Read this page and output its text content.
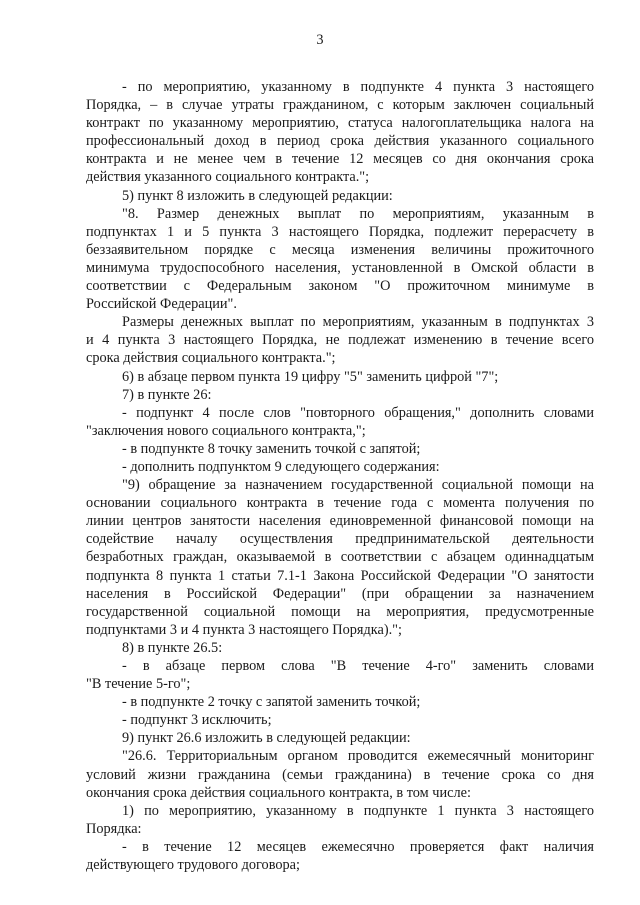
3
- по мероприятию, указанному в подпункте 4 пункта 3 настоящего
Порядка, – в случае утраты гражданином, с которым заключен социальный
контракт по указанному мероприятию, статуса налогоплательщика налога на
профессиональный доход в период срока действия указанного социального
контракта и не менее чем в течение 12 месяцев со дня окончания срока
действия указанного социального контракта.";
5) пункт 8 изложить в следующей редакции:
"8. Размер денежных выплат по мероприятиям, указанным в
подпунктах 1 и 5 пункта 3 настоящего Порядка, подлежит перерасчету в
беззаявительном порядке с месяца изменения величины прожиточного
минимума трудоспособного населения, установленной в Омской области в
соответствии с Федеральным законом "О прожиточном минимуме в
Российской Федерации".
Размеры денежных выплат по мероприятиям, указанным в подпунктах 3
и 4 пункта 3 настоящего Порядка, не подлежат изменению в течение всего
срока действия социального контракта.";
6) в абзаце первом пункта 19 цифру "5" заменить цифрой "7";
7) в пункте 26:
- подпункт 4 после слов "повторного обращения," дополнить словами
"заключения нового социального контракта,";
- в подпункте 8 точку заменить точкой с запятой;
- дополнить подпунктом 9 следующего содержания:
"9) обращение за назначением государственной социальной помощи на
основании социального контракта в течение года с момента получения по
линии центров занятости населения единовременной финансовой помощи на
содействие началу осуществления предпринимательской деятельности
безработных граждан, оказываемой в соответствии с абзацем одиннадцатым
подпункта 8 пункта 1 статьи 7.1-1 Закона Российской Федерации "О занятости
населения в Российской Федерации" (при обращении за назначением
государственной социальной помощи на мероприятия, предусмотренные
подпунктами 3 и 4 пункта 3 настоящего Порядка).";
8) в пункте 26.5:
- в абзаце первом слова "В течение 4-го" заменить словами
"В течение 5-го";
- в подпункте 2 точку с запятой заменить точкой;
- подпункт 3 исключить;
9) пункт 26.6 изложить в следующей редакции:
"26.6. Территориальным органом проводится ежемесячный мониторинг
условий жизни гражданина (семьи гражданина) в течение срока со дня
окончания срока действия социального контракта, в том числе:
1) по мероприятию, указанному в подпункте 1 пункта 3 настоящего
Порядка:
- в течение 12 месяцев ежемесячно проверяется факт наличия
действующего трудового договора;
